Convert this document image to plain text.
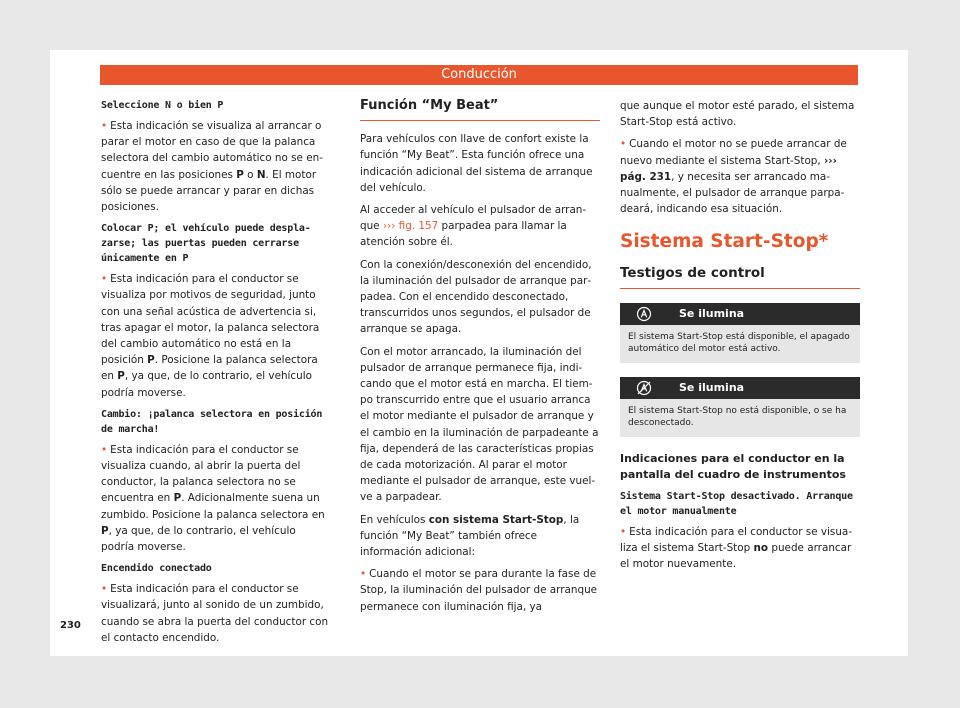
Conducción
Seleccione N o bien P

• Esta indicación se visualiza al arrancar o parar el motor en caso de que la palanca selectora del cambio automático no se encuentre en las posiciones P o N. El motor sólo se puede arrancar y parar en dichas posiciones.

Colocar P; el vehículo puede desplazarse; las puertas pueden cerrarse únicamente en P

• Esta indicación para el conductor se visualiza por motivos de seguridad, junto con una señal acústica de advertencia si, tras apagar el motor, la palanca selectora del cambio automático no está en la posición P. Posicione la palanca selectora en P, ya que, de lo contrario, el vehículo podría moverse.

Cambio: ¡palanca selectora en posición de marcha!

• Esta indicación para el conductor se visualiza cuando, al abrir la puerta del conductor, la palanca selectora no se encuentra en P. Adicionalmente suena un zumbido. Posicione la palanca selectora en P, ya que, de lo contrario, el vehículo podría moverse.

Encendido conectado

• Esta indicación para el conductor se visualizará, junto al sonido de un zumbido, cuando se abra la puerta del conductor con el contacto encendido.

Función “My Beat”

Para vehículos con llave de confort existe la función “My Beat”. Esta función ofrece una indicación adicional del sistema de arranque del vehículo.

Al acceder al vehículo el pulsador de arranque ››› fig. 157 parpadea para llamar la atención sobre él.

Con la conexión/desconexión del encendido, la iluminación del pulsador de arranque parpadea. Con el encendido desconectado, transcurridos unos segundos, el pulsador de arranque se apaga.

Con el motor arrancado, la iluminación del pulsador de arranque permanece fija, indicando que el motor está en marcha. El tiempo transcurrido entre que el usuario arranca el motor mediante el pulsador de arranque y el cambio en la iluminación de parpadeante a fija, dependerá de las características propias de cada motorización. Al parar el motor mediante el pulsador de arranque, este vuelve a parpadear.

En vehículos con sistema Start-Stop, la función “My Beat” también ofrece información adicional:

• Cuando el motor se para durante la fase de Stop, la iluminación del pulsador de arranque permanece con iluminación fija, ya

que aunque el motor esté parado, el sistema Start-Stop está activo.

• Cuando el motor no se puede arrancar de nuevo mediante el sistema Start-Stop, ››› pág. 231, y necesita ser arrancado manualmente, el pulsador de arranque parpadeará, indicando esa situación.

Sistema Start-Stop*
Testigos de control
Se ilumina
El sistema Start-Stop está disponible, el apagado automático del motor está activo.
Se ilumina
El sistema Start-Stop no está disponible, o se ha desconectado.
Indicaciones para el conductor en la pantalla del cuadro de instrumentos
Sistema Start-Stop desactivado. Arranque el motor manualmente

• Esta indicación para el conductor se visualiza el sistema Start-Stop no puede arrancar el motor nuevamente.

230
